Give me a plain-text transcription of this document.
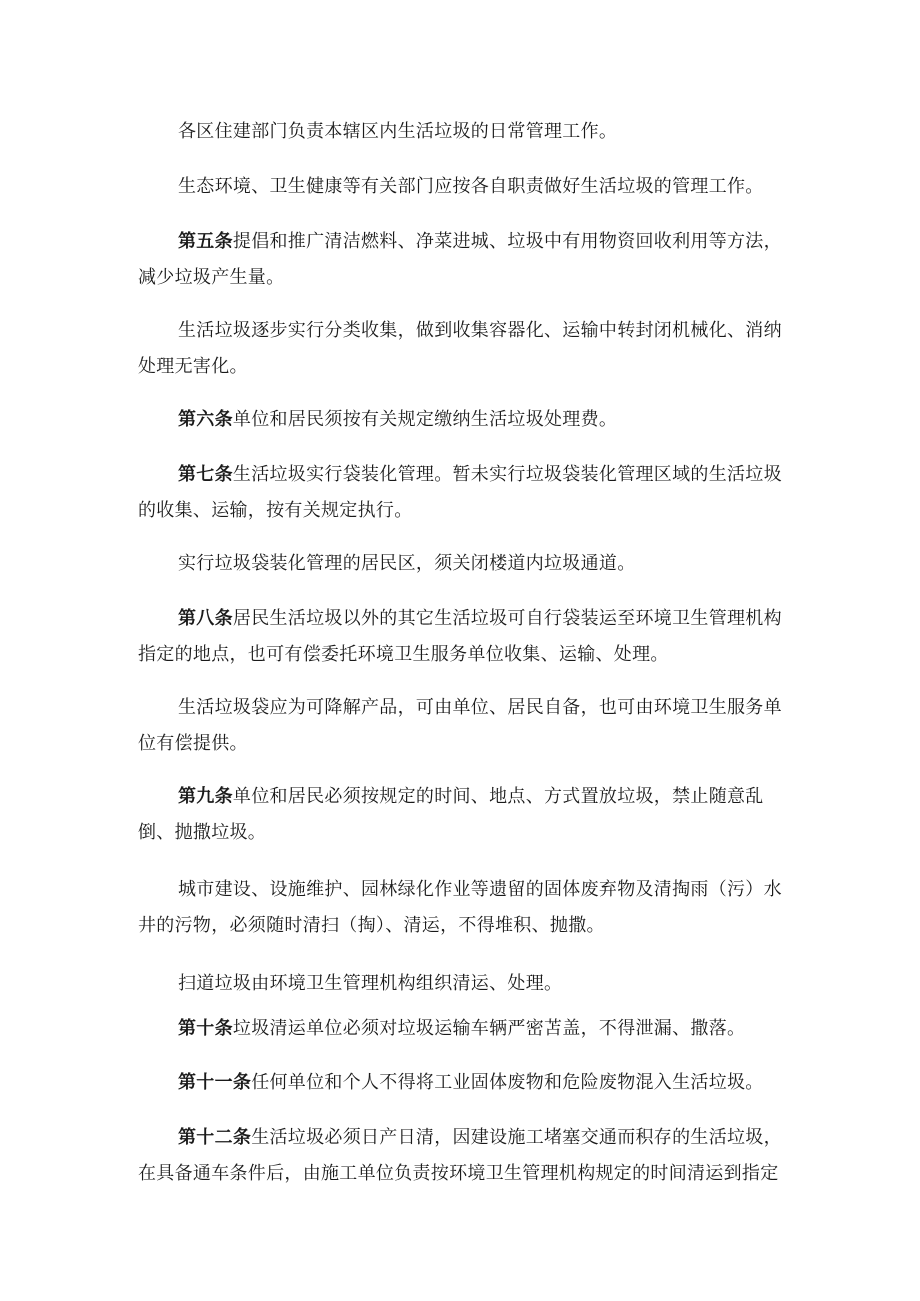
各区住建部门负责本辖区内生活垃圾的日常管理工作。

生态环境、卫生健康等有关部门应按各自职责做好生活垃圾的管理工作。

第五条提倡和推广清洁燃料、净菜进城、垃圾中有用物资回收利用等方法，减少垃圾产生量。

生活垃圾逐步实行分类收集，做到收集容器化、运输中转封闭机械化、消纳处理无害化。

第六条单位和居民须按有关规定缴纳生活垃圾处理费。

第七条生活垃圾实行袋装化管理。暂未实行垃圾袋装化管理区域的生活垃圾的收集、运输，按有关规定执行。

实行垃圾袋装化管理的居民区，须关闭楼道内垃圾通道。

第八条居民生活垃圾以外的其它生活垃圾可自行袋装运至环境卫生管理机构指定的地点，也可有偿委托环境卫生服务单位收集、运输、处理。

生活垃圾袋应为可降解产品，可由单位、居民自备，也可由环境卫生服务单位有偿提供。

第九条单位和居民必须按规定的时间、地点、方式置放垃圾，禁止随意乱倒、抛撒垃圾。

城市建设、设施维护、园林绿化作业等遗留的固体废弃物及清掏雨（污）水井的污物，必须随时清扫（掏）、清运，不得堆积、抛撒。

扫道垃圾由环境卫生管理机构组织清运、处理。

第十条垃圾清运单位必须对垃圾运输车辆严密苫盖，不得泄漏、撒落。

第十一条任何单位和个人不得将工业固体废物和危险废物混入生活垃圾。

第十二条生活垃圾必须日产日清，因建设施工堵塞交通而积存的生活垃圾，在具备通车条件后，由施工单位负责按环境卫生管理机构规定的时间清运到指定
